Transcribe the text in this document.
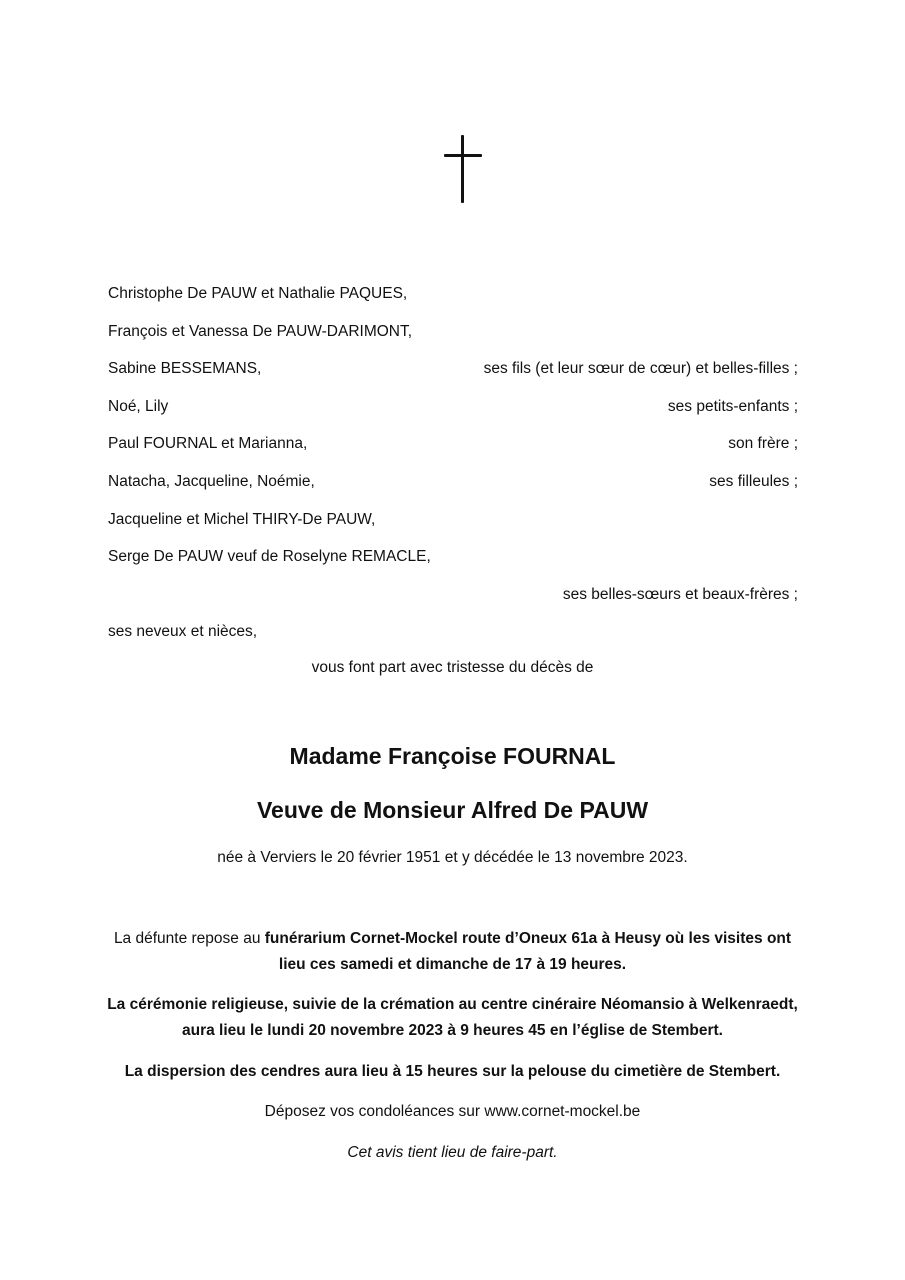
Christophe De PAUW et Nathalie PAQUES,
François et Vanessa De PAUW-DARIMONT,
Sabine BESSEMANS,	ses fils (et leur sœur de cœur) et belles-filles ;
Noé, Lily	ses petits-enfants ;
Paul FOURNAL et Marianna,	son frère ;
Natacha, Jacqueline, Noémie,	ses filleules ;
Jacqueline et Michel THIRY-De PAUW,
Serge De PAUW veuf de Roselyne REMACLE,
ses belles-sœurs et beaux-frères ;
ses neveux et nièces,
vous font part avec tristesse du décès de
Madame Françoise FOURNAL
Veuve de Monsieur Alfred De PAUW
née à Verviers le 20 février 1951 et y décédée le 13 novembre 2023.
La défunte repose au funérarium Cornet-Mockel route d’Oneux 61a à Heusy où les visites ont lieu ces samedi et dimanche de 17 à 19 heures.
La cérémonie religieuse, suivie de la crémation au centre cinéraire Néomansio à Welkenraedt, aura lieu le lundi 20 novembre 2023 à 9 heures 45 en l’église de Stembert.
La dispersion des cendres aura lieu à 15 heures sur la pelouse du cimetière de Stembert.
Déposez vos condoléances sur www.cornet-mockel.be
Cet avis tient lieu de faire-part.
